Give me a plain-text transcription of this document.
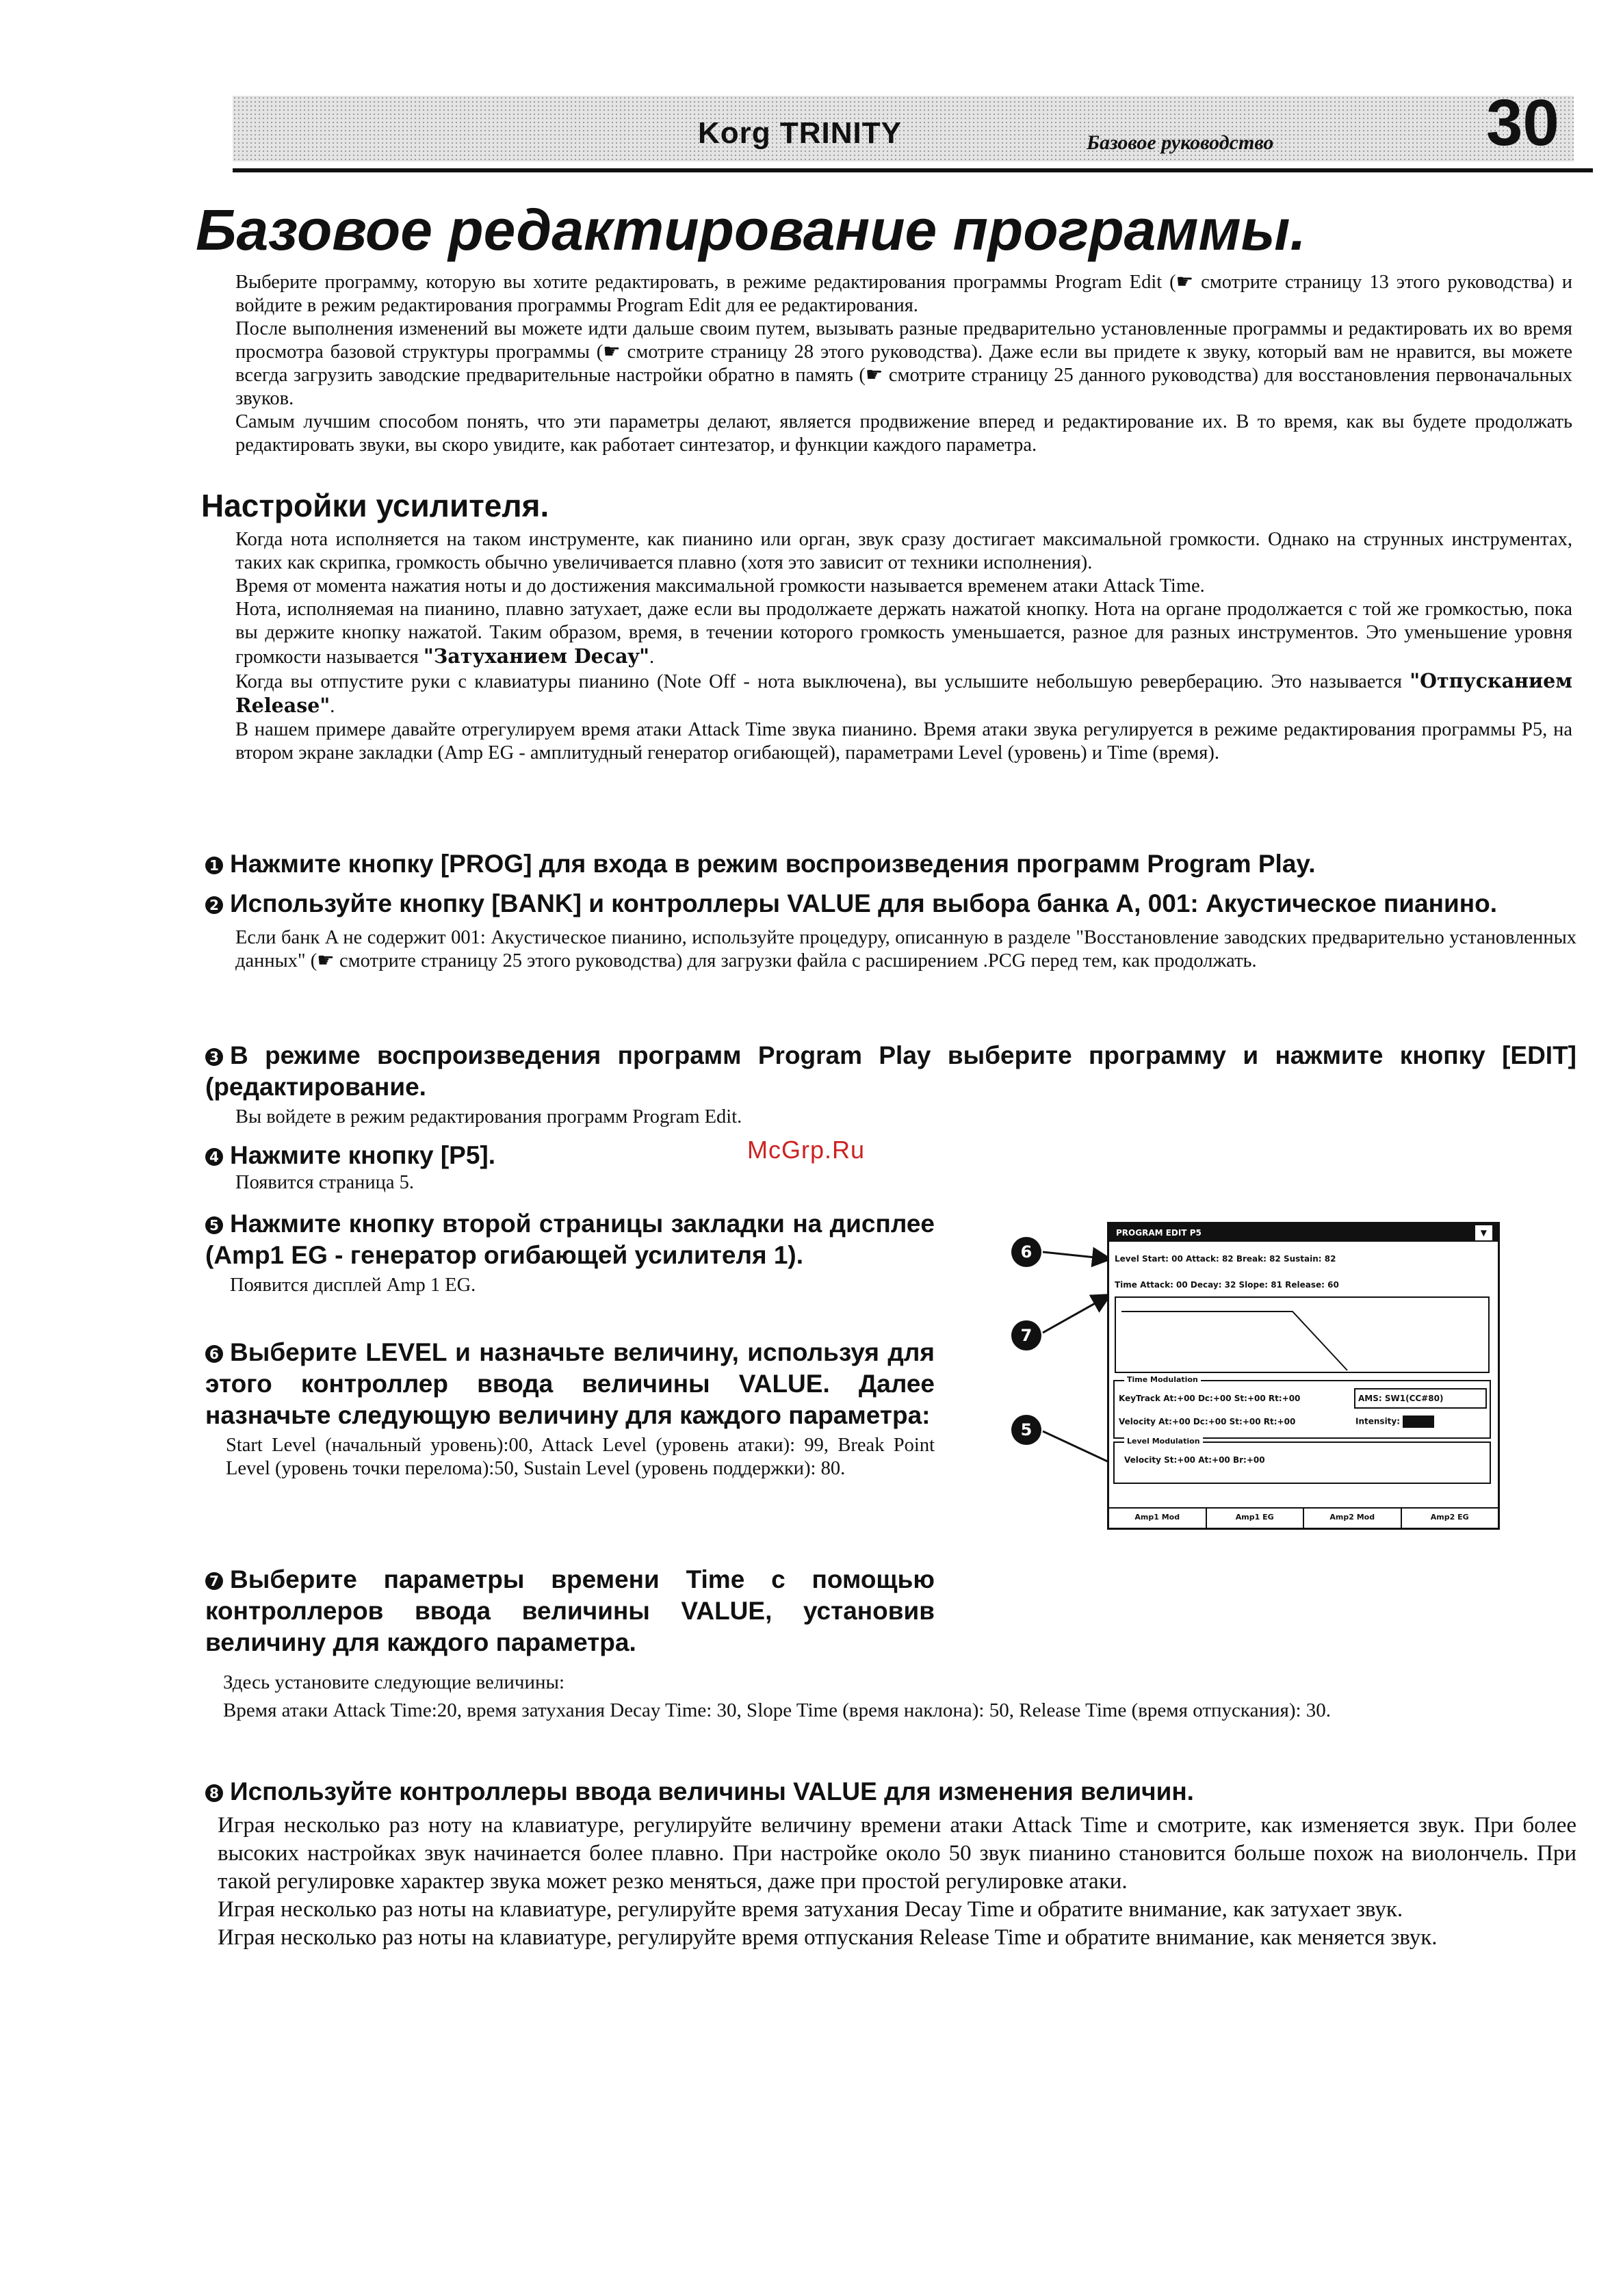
Korg TRINITY	Базовое руководство	30
Базовое редактирование программы.

Выберите программу, которую вы хотите редактировать, в режиме редактирования программы Program Edit (☛ смотрите страницу 13 этого руководства) и войдите в режим редактирования программы Program Edit для ее редактирования.

После выполнения изменений вы можете идти дальше своим путем, вызывать разные предварительно установленные программы и редактировать их во время просмотра базовой структуры программы (☛ смотрите страницу 28 этого руководства). Даже если вы придете к звуку, который вам не нравится, вы можете всегда загрузить заводские предварительные настройки обратно в память (☛ смотрите страницу 25 данного руководства) для восстановления первоначальных звуков.

Самым лучшим способом понять, что эти параметры делают, является продвижение вперед и редактирование их. В то время, как вы будете продолжать редактировать звуки, вы скоро увидите, как работает синтезатор, и функции каждого параметра.

Настройки усилителя.

Когда нота исполняется на таком инструменте, как пианино или орган, звук сразу достигает максимальной громкости. Однако на струнных инструментах, таких как скрипка, громкость обычно увеличивается плавно (хотя это зависит от техники исполнения).

Время от момента нажатия ноты и до достижения максимальной громкости называется временем атаки Attack Time.

Нота, исполняемая на пианино, плавно затухает, даже если вы продолжаете держать нажатой кнопку. Нота на органе продолжается с той же громкостью, пока вы держите кнопку нажатой. Таким образом, время, в течении которого громкость уменьшается, разное для разных инструментов. Это уменьшение уровня громкости называется "Затуханием Decay".

Когда вы отпустите руки с клавиатуры пианино (Note Off - нота выключена), вы услышите небольшую реверберацию. Это называется "Отпусканием Release".

В нашем примере давайте отрегулируем время атаки Attack Time звука пианино. Время атаки звука регулируется в режиме редактирования программы P5, на втором экране закладки (Amp EG - амплитудный генератор огибающей), параметрами Level (уровень) и Time (время).

1 Нажмите кнопку [PROG] для входа в режим воспроизведения программ Program Play.

2 Используйте кнопку [BANK] и контроллеры VALUE для выбора банка A, 001: Акустическое пианино.

Если банк A не содержит 001: Акустическое пианино, используйте процедуру, описанную в разделе "Восстановление заводских предварительно установленных данных" (☛ смотрите страницу 25 этого руководства) для загрузки файла с расширением .PCG перед тем, как продолжать.

3 В режиме воспроизведения программ Program Play выберите программу и нажмите кнопку [EDIT] (редактирование.

Вы войдете в режим редактирования программ Program Edit.

4 Нажмите кнопку [P5].

Появится страница 5.

McGrp.Ru

5 Нажмите кнопку второй страницы закладки на дисплее (Amp1 EG - генератор огибающей усилителя 1).

Появится дисплей Amp 1 EG.

6 Выберите LEVEL и назначьте величину, используя для этого контроллер ввода величины VALUE. Далее назначьте следующую величину для каждого параметра:

Start Level (начальный уровень):00, Attack Level (уровень атаки): 99, Break Point Level (уровень точки перелома):50, Sustain Level (уровень поддержки): 80.

7 Выберите параметры времени Time с помощью контроллеров ввода величины VALUE, установив величину для каждого параметра.

Здесь установите следующие величины:

Время атаки Attack Time:20, время затухания Decay Time: 30, Slope Time (время наклона): 50, Release Time (время отпускания): 30.

8 Используйте контроллеры ввода величины VALUE для изменения величин.

Играя несколько раз ноту на клавиатуре, регулируйте величину времени атаки Attack Time и смотрите, как изменяется звук. При более высоких настройках звук начинается более плавно. При настройке около 50 звук пианино становится больше похож на виолончель. При такой регулировке характер звука может резко меняться, даже при простой регулировке атаки.

Играя несколько раз ноты на клавиатуре, регулируйте время затухания Decay Time и обратите внимание, как затухает звук.

Играя несколько раз ноты на клавиатуре, регулируйте время отпускания Release Time и обратите внимание, как меняется звук.

6
7
5
PROGRAM EDIT P5	▼
Level Start: 00 Attack: 82 Break: 82 Sustain: 82
Time Attack: 00 Decay: 32 Slope: 81 Release: 60
Time Modulation
KeyTrack At:+00 Dc:+00 St:+00 Rt:+00
Velocity At:+00 Dc:+00 St:+00 Rt:+00
AMS: SW1(CC#80)
Intensity:
Level Modulation
Velocity St:+00 At:+00 Br:+00
Amp1 Mod	Amp1 EG	Amp2 Mod	Amp2 EG
